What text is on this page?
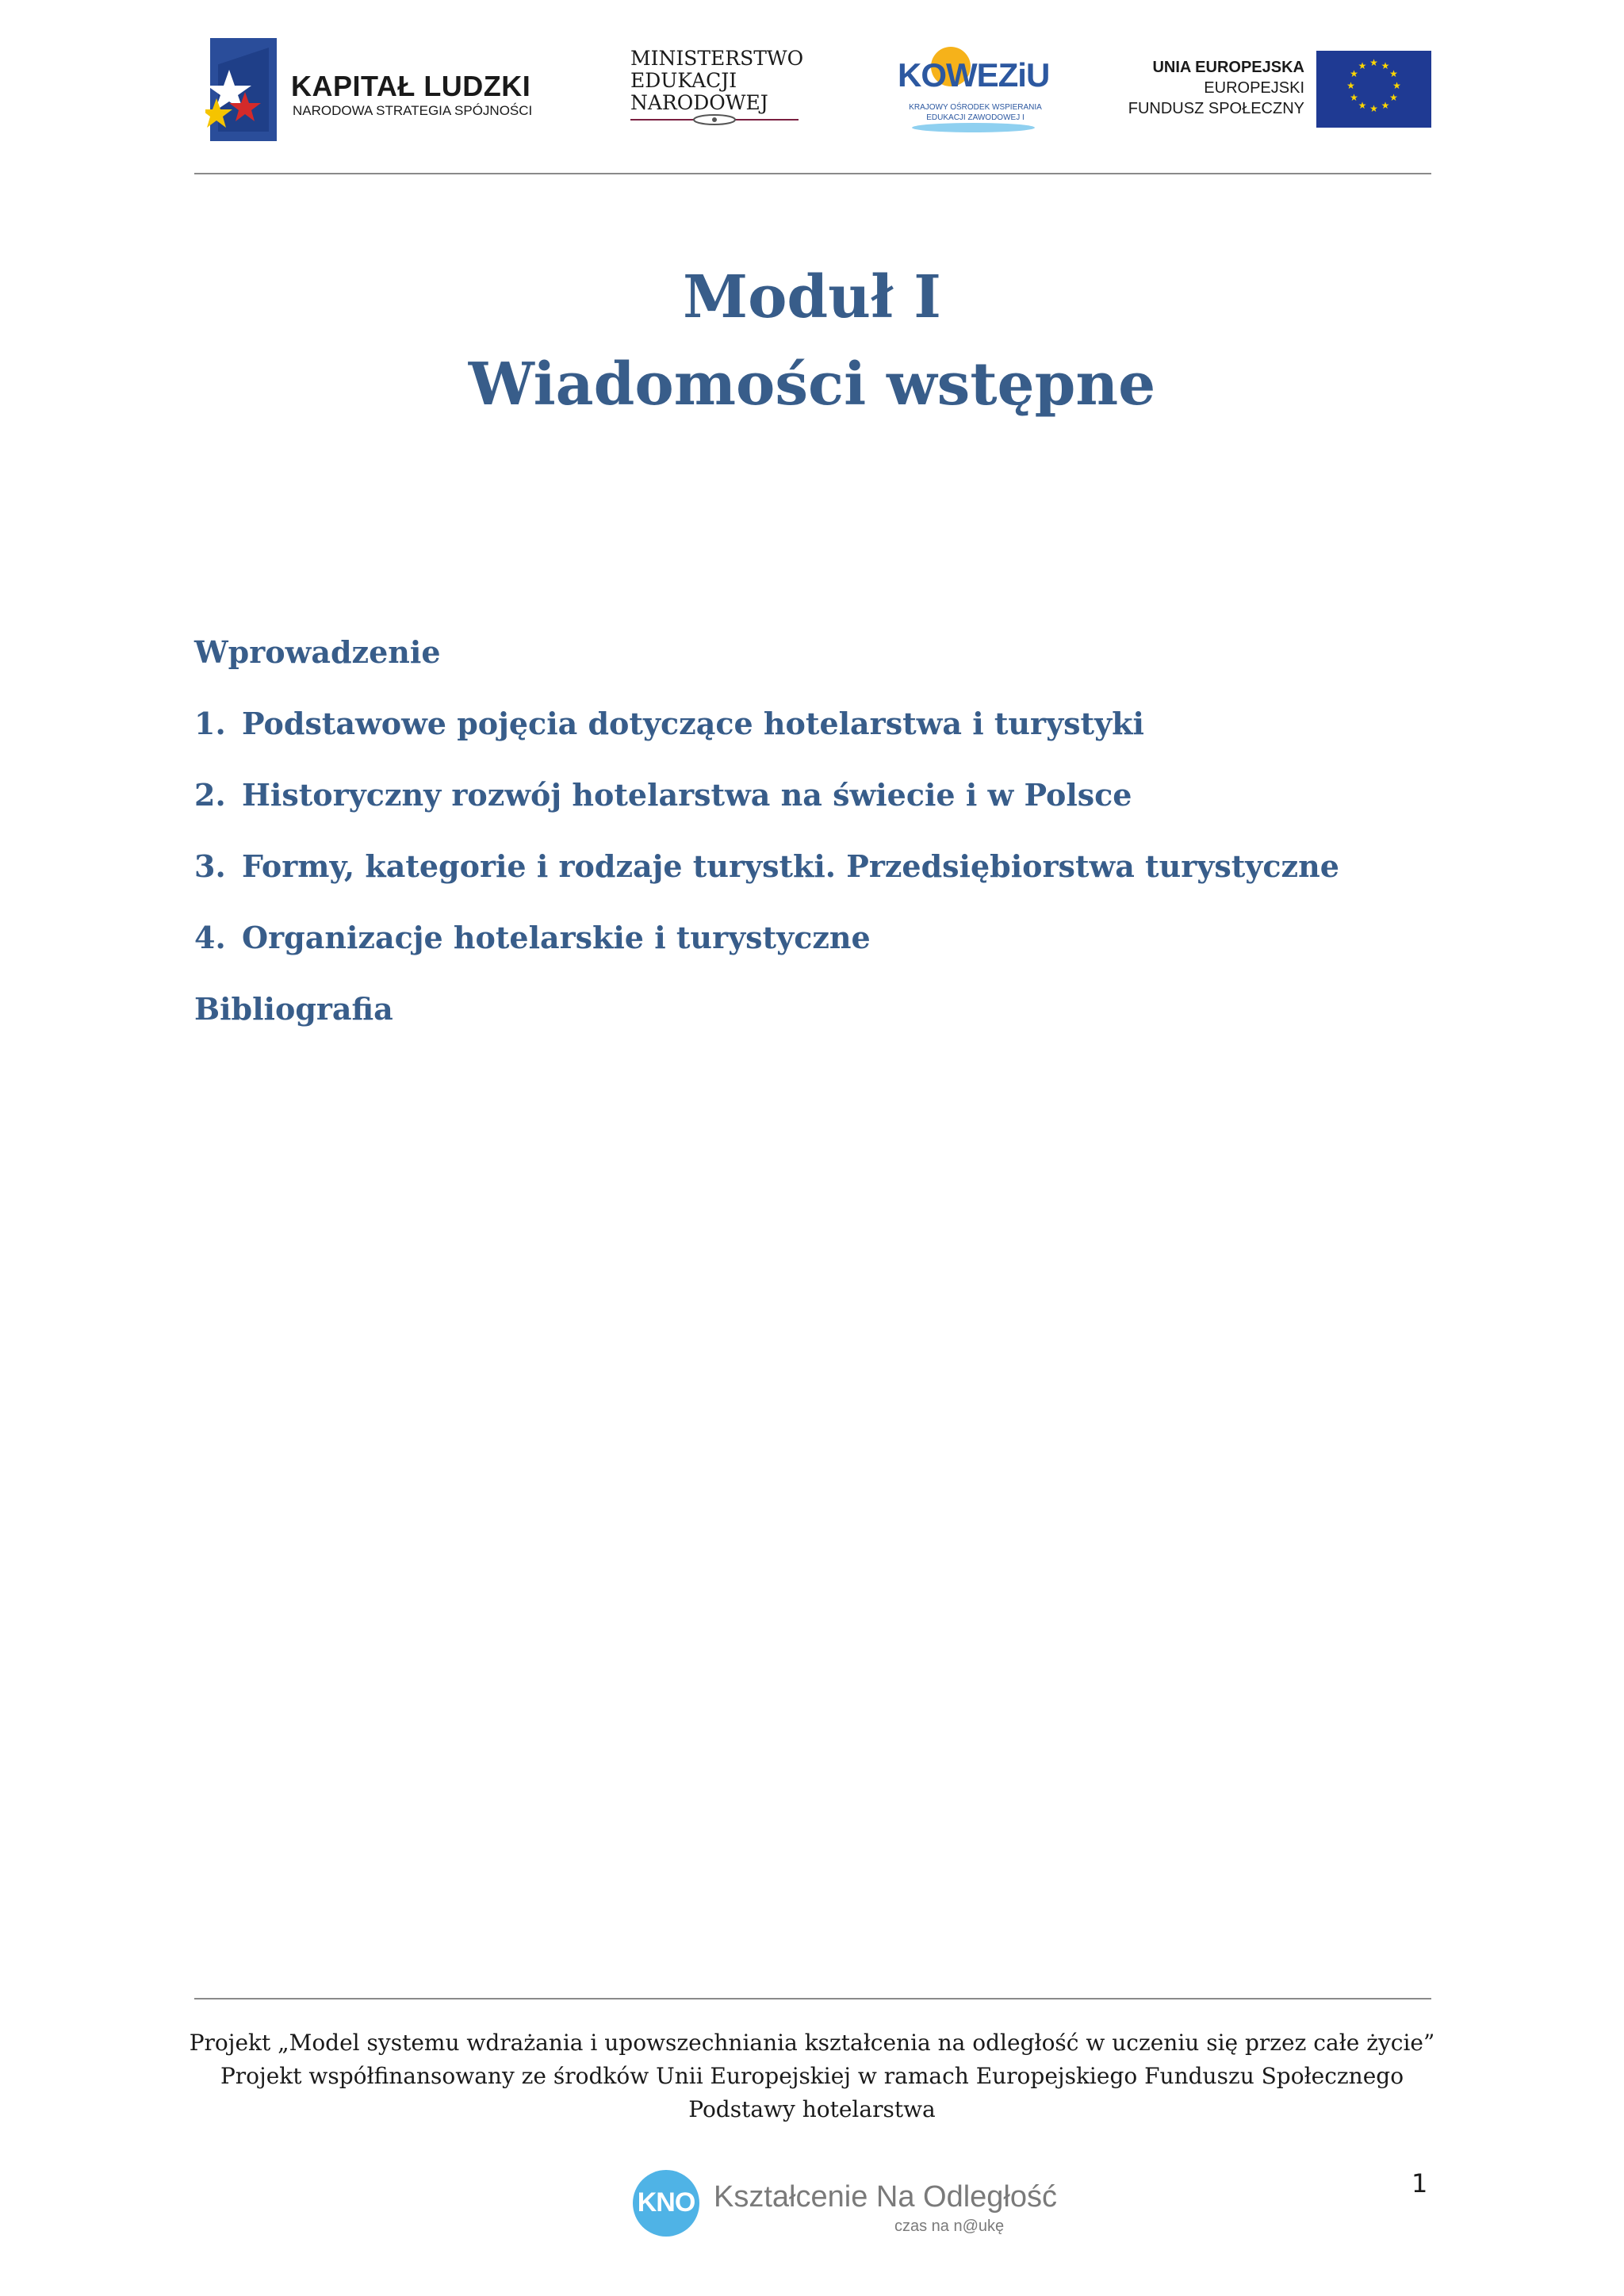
KAPITAŁ LUDZKI
NARODOWA STRATEGIA SPÓJNOŚCI
MINISTERSTWO
EDUKACJI
NARODOWEJ
KOWEZiU
KRAJOWY OŚRODEK WSPIERANIA EDUKACJI ZAWODOWEJ I
UNIA EUROPEJSKA
EUROPEJSKI
FUNDUSZ SPOŁECZNY
★ ★
★
★
★
★
★
★
★
★
★
★
Moduł I
Wiadomości wstępne
Wprowadzenie
1. Podstawowe pojęcia dotyczące hotelarstwa i turystyki
2. Historyczny rozwój hotelarstwa na świecie i w Polsce
3. Formy, kategorie i rodzaje turystki. Przedsiębiorstwa turystyczne
4. Organizacje hotelarskie i turystyczne
Bibliografia
Projekt „Model systemu wdrażania i upowszechniania kształcenia na odległość w uczeniu się przez całe życie”
Projekt współfinansowany ze środków Unii Europejskiej w ramach Europejskiego Funduszu Społecznego
Podstawy hotelarstwa
KNO Kształcenie Na Odległość
czas na n@ukę
1
